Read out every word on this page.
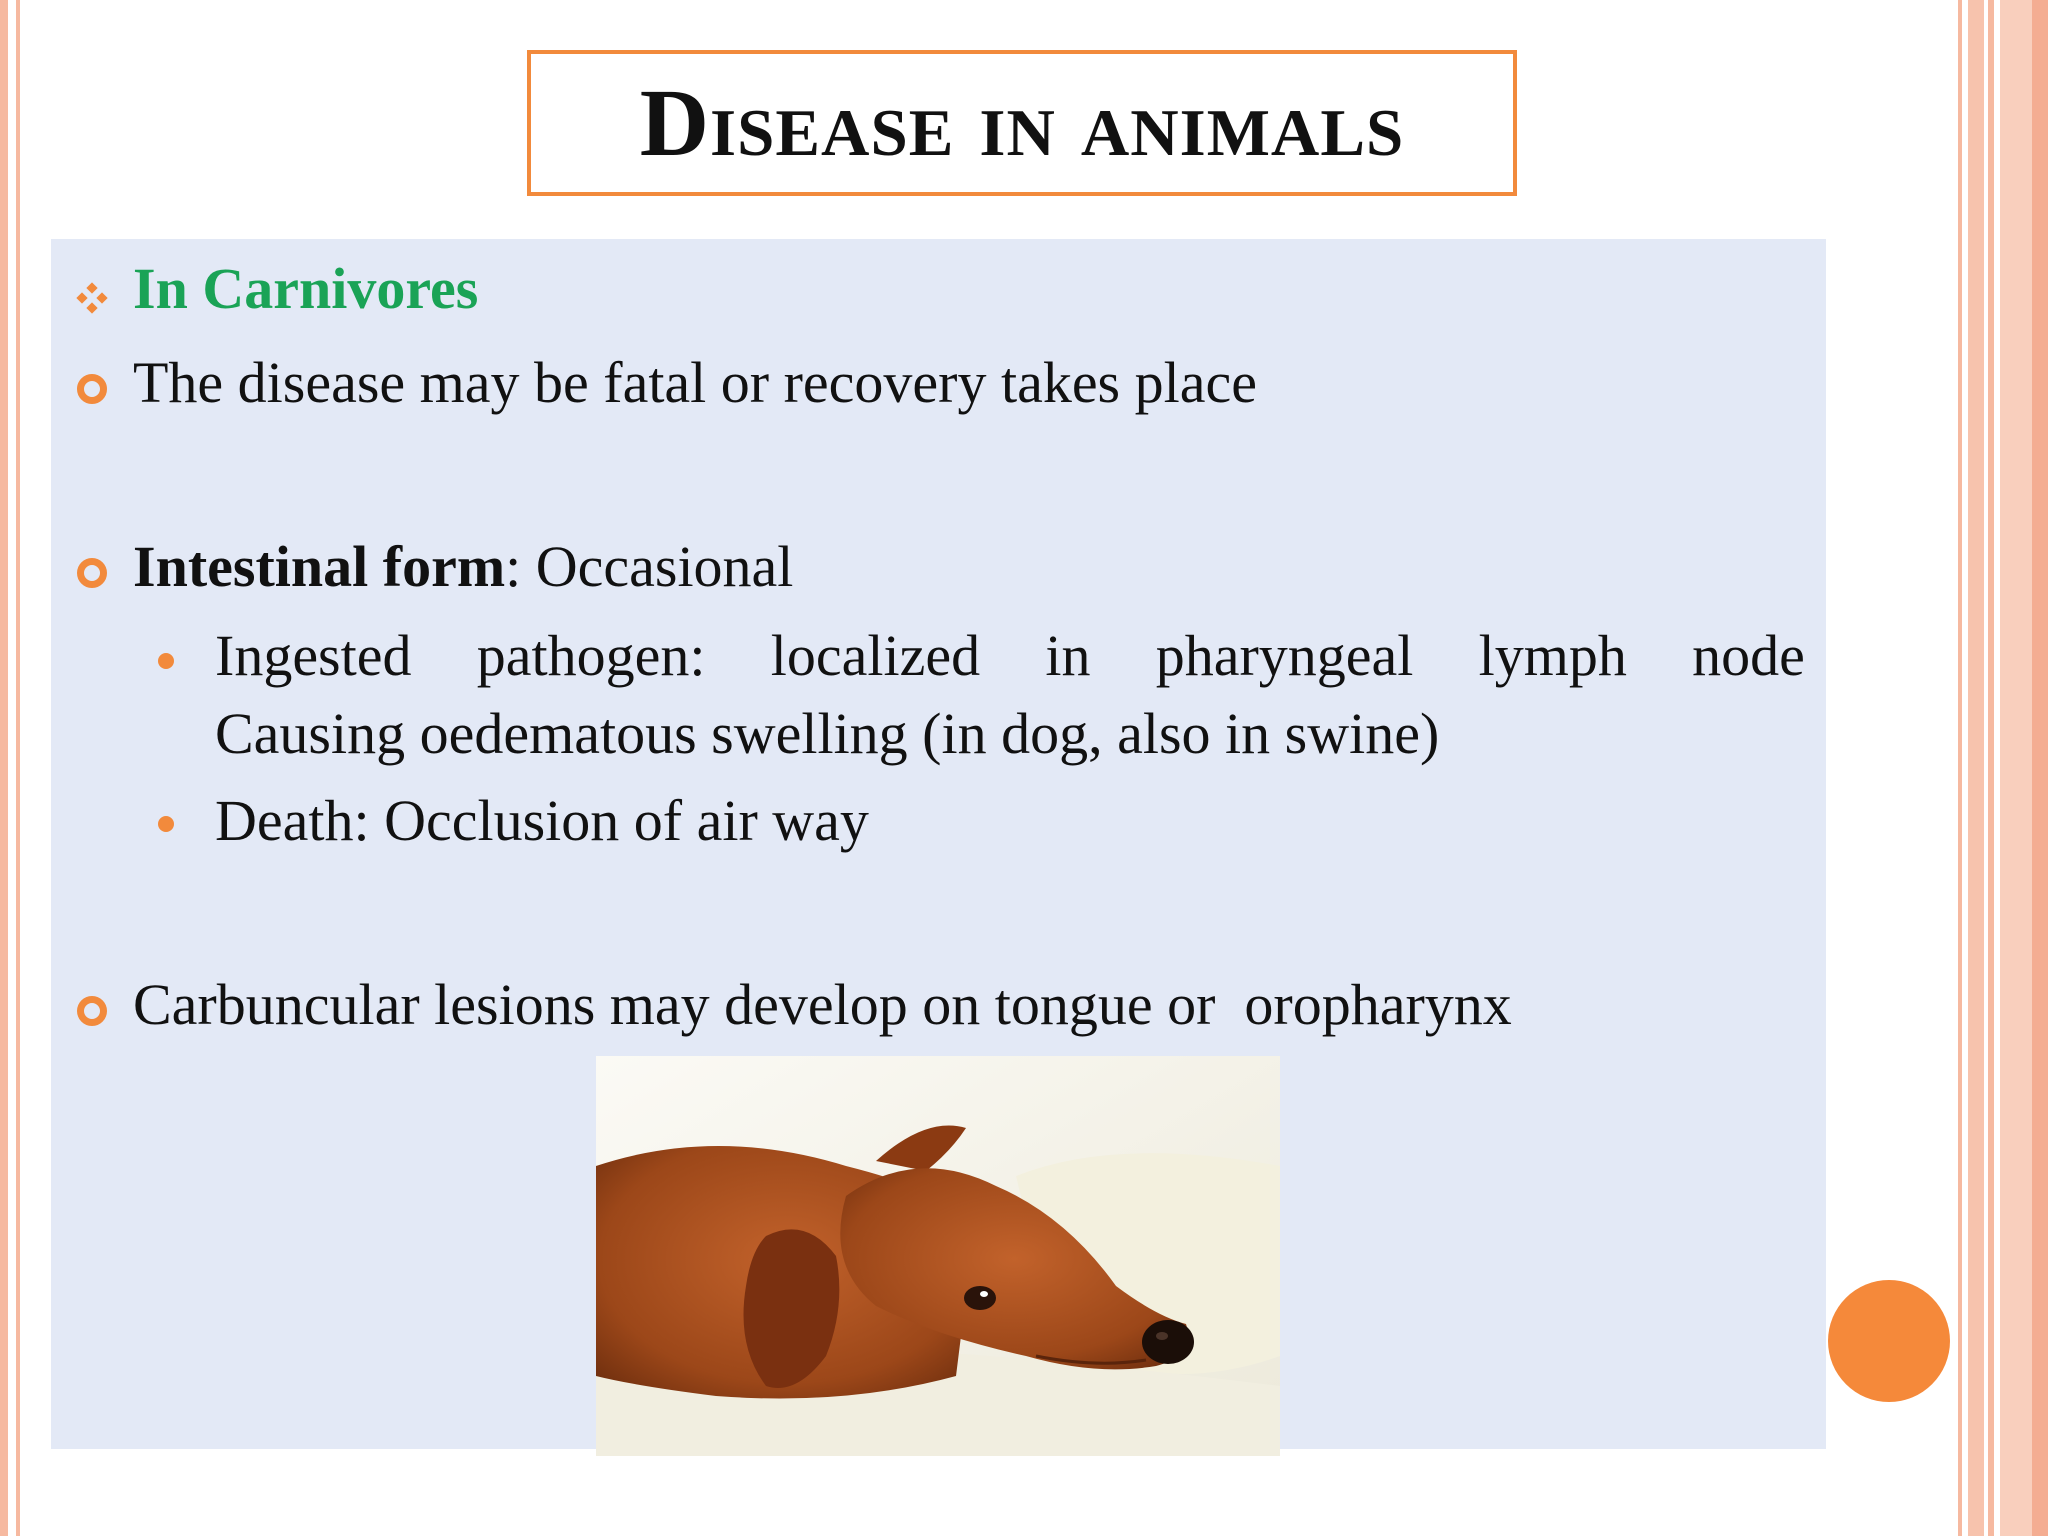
Disease in animals
In Carnivores
The disease may be fatal or recovery takes place
Intestinal form: Occasional
Ingested pathogen: localized in pharyngeal lymph node
Causing oedematous swelling (in dog, also in swine)
Death: Occlusion of air way
Carbuncular lesions may develop on tongue or  oropharynx
